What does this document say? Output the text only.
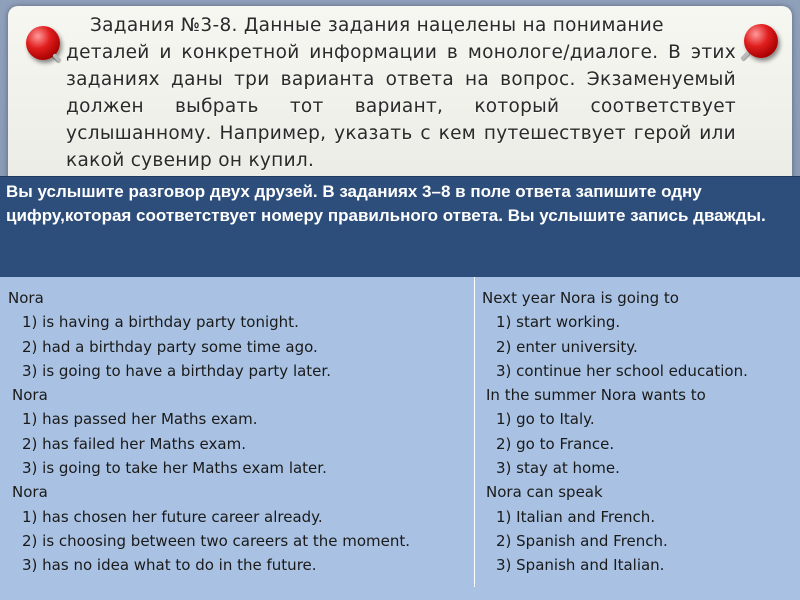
Задания №3-8. Данные задания нацелены на понимание
деталей и конкретной информации в монологе/диалоге. В этих заданиях даны три варианта ответа на вопрос. Экзаменуемый должен выбрать тот вариант, который соответствует услышанному. Например, указать с кем путешествует герой или какой сувенир он купил.
Вы услышите разговор двух друзей. В заданиях 3–8 в поле ответа запишите одну цифру,которая соответствует номеру правильного ответа. Вы услышите запись дважды.
Nora
1) is having a birthday party tonight.
2) had a birthday party some time ago.
3) is going to have a birthday party later.
Nora
1) has passed her Maths exam.
2) has failed her Maths exam.
3) is going to take her Maths exam later.
Nora
1) has chosen her future career already.
2) is choosing between two careers at the moment.
3) has no idea what to do in the future.
Next year Nora is going to
1) start working.
2) enter university.
3) continue her school education.
In the summer Nora wants to
1) go to Italy.
2) go to France.
3) stay at home.
Nora can speak
1) Italian and French.
2) Spanish and French.
3) Spanish and Italian.
